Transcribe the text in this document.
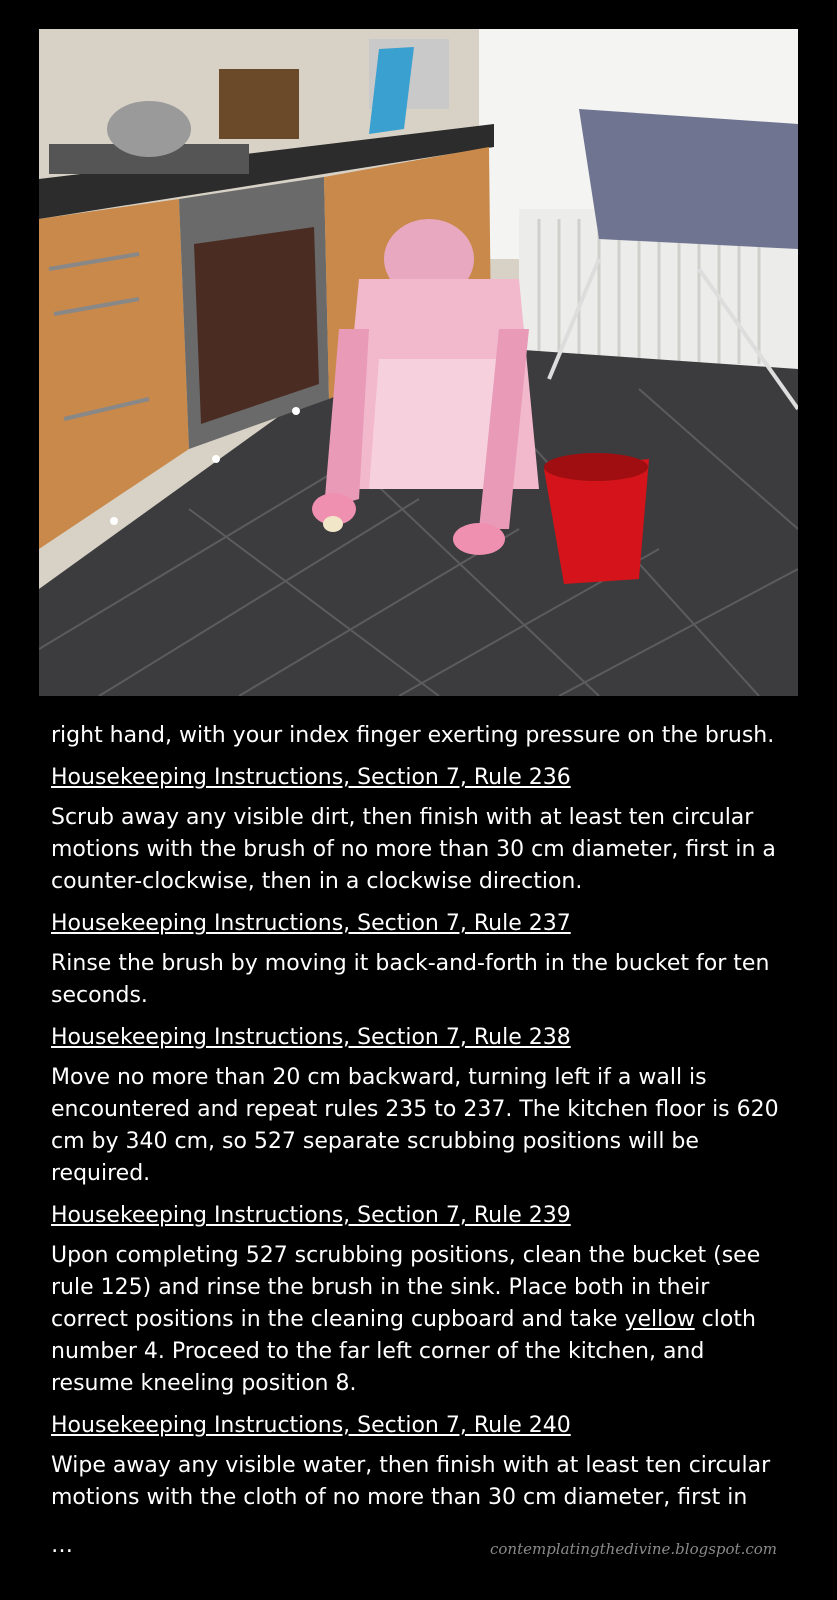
right hand, with your index finger exerting pressure on the brush.

Housekeeping Instructions, Section 7, Rule 236

Scrub away any visible dirt, then finish with at least ten circular motions with the brush of no more than 30 cm diameter, first in a counter-clockwise, then in a clockwise direction.

Housekeeping Instructions, Section 7, Rule 237

Rinse the brush by moving it back-and-forth in the bucket for ten seconds.

Housekeeping Instructions, Section 7, Rule 238

Move no more than 20 cm backward, turning left if a wall is encountered and repeat rules 235 to 237. The kitchen floor is 620 cm by 340 cm, so 527 separate scrubbing positions will be required.

Housekeeping Instructions, Section 7, Rule 239

Upon completing 527 scrubbing positions, clean the bucket (see rule 125) and rinse the brush in the sink. Place both in their correct positions in the cleaning cupboard and take yellow cloth number 4. Proceed to the far left corner of the kitchen, and resume kneeling position 8.

Housekeeping Instructions, Section 7, Rule 240

Wipe away any visible water, then finish with at least ten circular motions with the cloth of no more than 30 cm diameter, first in

…	contemplatingthedivine.blogspot.com
